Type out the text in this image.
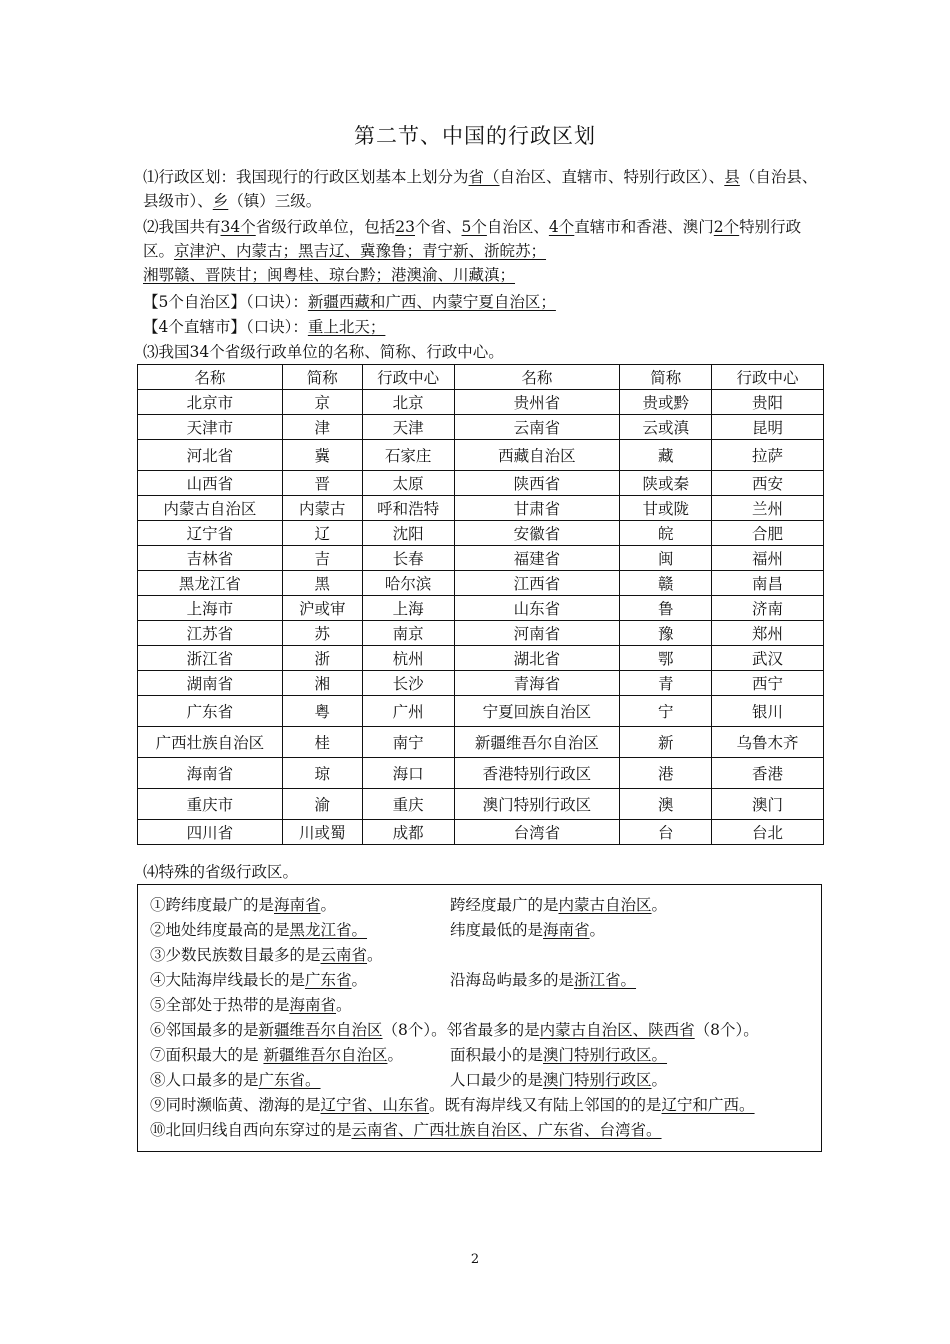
第二节、中国的行政区划
⑴行政区划：我国现行的行政区划基本上划分为省（自治区、直辖市、特别行政区）、县（自治县、县级市）、乡（镇）三级。
⑵我国共有34个省级行政单位，包括23个省、5个自治区、4个直辖市和香港、澳门2个特别行政区。京津沪、内蒙古；黑吉辽、冀豫鲁；青宁新、浙皖苏；
湘鄂赣、晋陕甘；闽粤桂、琼台黔；港澳渝、川藏滇；
【5个自治区】（口诀）：新疆西藏和广西、内蒙宁夏自治区；
【4个直辖市】（口诀）：重上北天；
⑶我国34个省级行政单位的名称、简称、行政中心。
名称	简称	行政中心	名称	简称	行政中心
北京市	京	北京	贵州省	贵或黔	贵阳
天津市	津	天津	云南省	云或滇	昆明
河北省	冀	石家庄	西藏自治区	藏	拉萨
山西省	晋	太原	陕西省	陕或秦	西安
内蒙古自治区	内蒙古	呼和浩特	甘肃省	甘或陇	兰州
辽宁省	辽	沈阳	安徽省	皖	合肥
吉林省	吉	长春	福建省	闽	福州
黑龙江省	黑	哈尔滨	江西省	赣	南昌
上海市	沪或审	上海	山东省	鲁	济南
江苏省	苏	南京	河南省	豫	郑州
浙江省	浙	杭州	湖北省	鄂	武汉
湖南省	湘	长沙	青海省	青	西宁
广东省	粤	广州	宁夏回族自治区	宁	银川
广西壮族自治区	桂	南宁	新疆维吾尔自治区	新	乌鲁木齐
海南省	琼	海口	香港特别行政区	港	香港
重庆市	渝	重庆	澳门特别行政区	澳	澳门
四川省	川或蜀	成都	台湾省	台	台北
⑷特殊的省级行政区。
①跨纬度最广的是海南省。	跨经度最广的是内蒙古自治区。
②地处纬度最高的是黑龙江省。	纬度最低的是海南省。
③少数民族数目最多的是云南省。
④大陆海岸线最长的是广东省。	沿海岛屿最多的是浙江省。
⑤全部处于热带的是海南省。
⑥邻国最多的是新疆维吾尔自治区（8个）。邻省最多的是内蒙古自治区、陕西省（8个）。
⑦面积最大的是 新疆维吾尔自治区。	面积最小的是澳门特别行政区。
⑧人口最多的是广东省。	人口最少的是澳门特别行政区。
⑨同时濒临黄、渤海的是辽宁省、山东省。既有海岸线又有陆上邻国的的是辽宁和广西。
⑩北回归线自西向东穿过的是云南省、广西壮族自治区、广东省、台湾省。
2
